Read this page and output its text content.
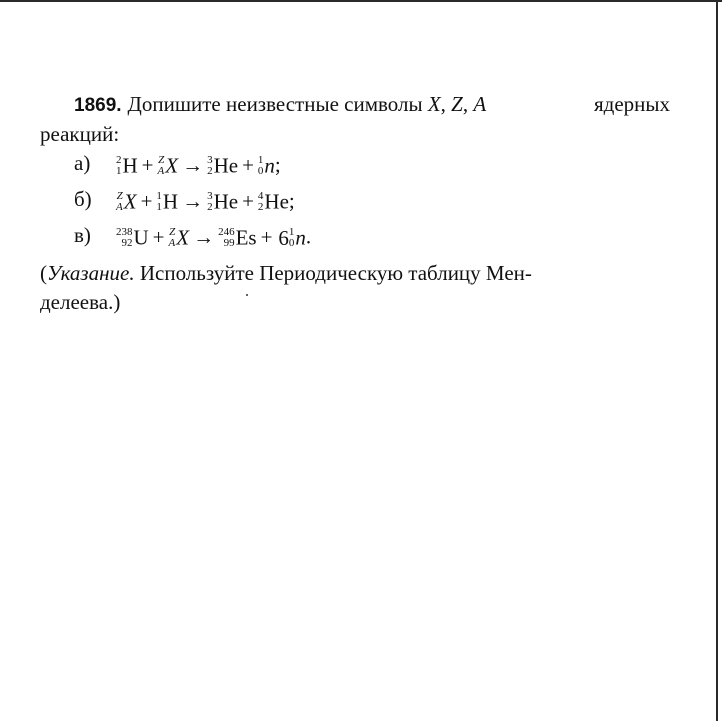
1869. Допишите неизвестные символы X, Z, A	ядерных
реакций:
а) 2
1 H + Z
A X → 3
2 He + 1
0 n;
б) Z
A X + 1
1 H → 3
2 He + 4
2 He;
в) 238
92 U + Z
A X → 246
99 Es + 6 1
0 n.
(Указание. Используйте Периодическую таблицу Мен-
делеева.)
